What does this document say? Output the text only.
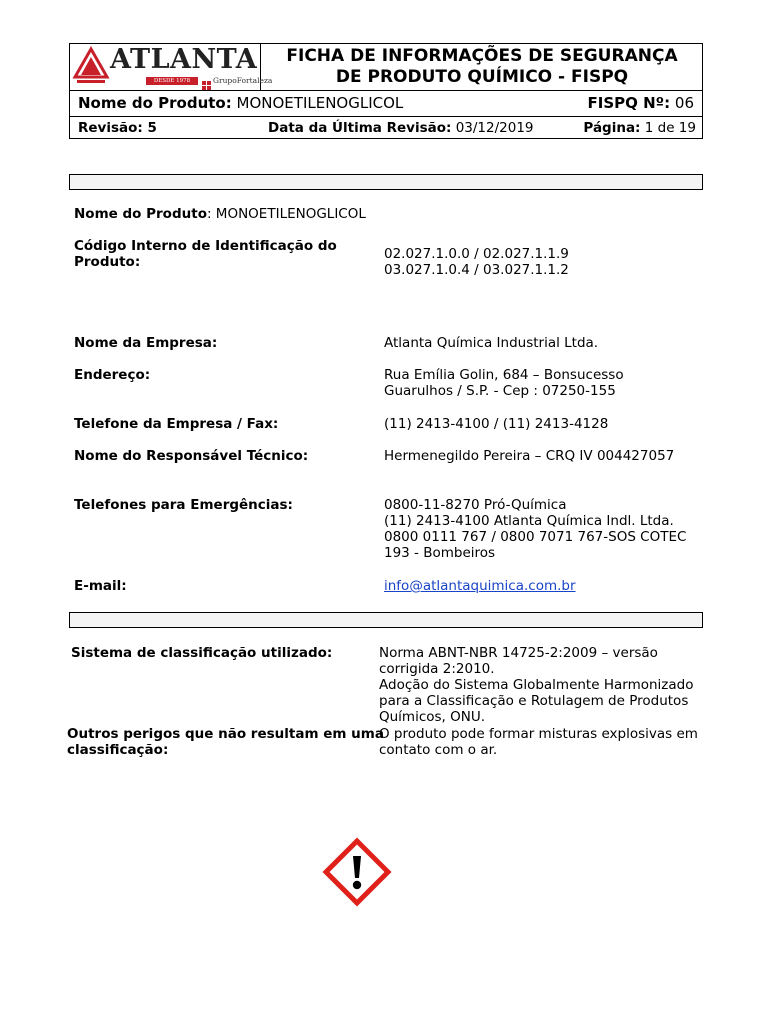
ATLANTA
DESDE 1978	GrupoFortaleza
FICHA DE INFORMAÇÕES DE SEGURANÇA
DE PRODUTO QUÍMICO - FISPQ
Nome do Produto: MONOETILENOGLICOL	FISPQ Nº: 06
Revisão: 5	Data da Última Revisão: 03/12/2019	Página: 1 de 19
Nome do Produto: MONOETILENOGLICOL
Código Interno de Identificação do
Produto:	02.027.1.0.0 / 02.027.1.1.9
03.027.1.0.4 / 03.027.1.1.2
Nome da Empresa:	Atlanta Química Industrial Ltda.
Endereço:	Rua Emília Golin, 684 – Bonsucesso
Guarulhos / S.P. - Cep : 07250-155
Telefone da Empresa / Fax:	(11) 2413-4100 / (11) 2413-4128
Nome do Responsável Técnico:	Hermenegildo Pereira – CRQ IV 004427057
Telefones para Emergências:	0800-11-8270 Pró-Química
(11) 2413-4100 Atlanta Química Indl. Ltda.
0800 0111 767 / 0800 7071 767-SOS COTEC
193 - Bombeiros
E-mail:	info@atlantaquimica.com.br
Sistema de classificação utilizado:	Norma ABNT-NBR 14725-2:2009 – versão
corrigida 2:2010.
Adoção do Sistema Globalmente Harmonizado
para a Classificação e Rotulagem de Produtos
Químicos, ONU.
Outros perigos que não resultam em uma
classificação:
O produto pode formar misturas explosivas em
contato com o ar.
